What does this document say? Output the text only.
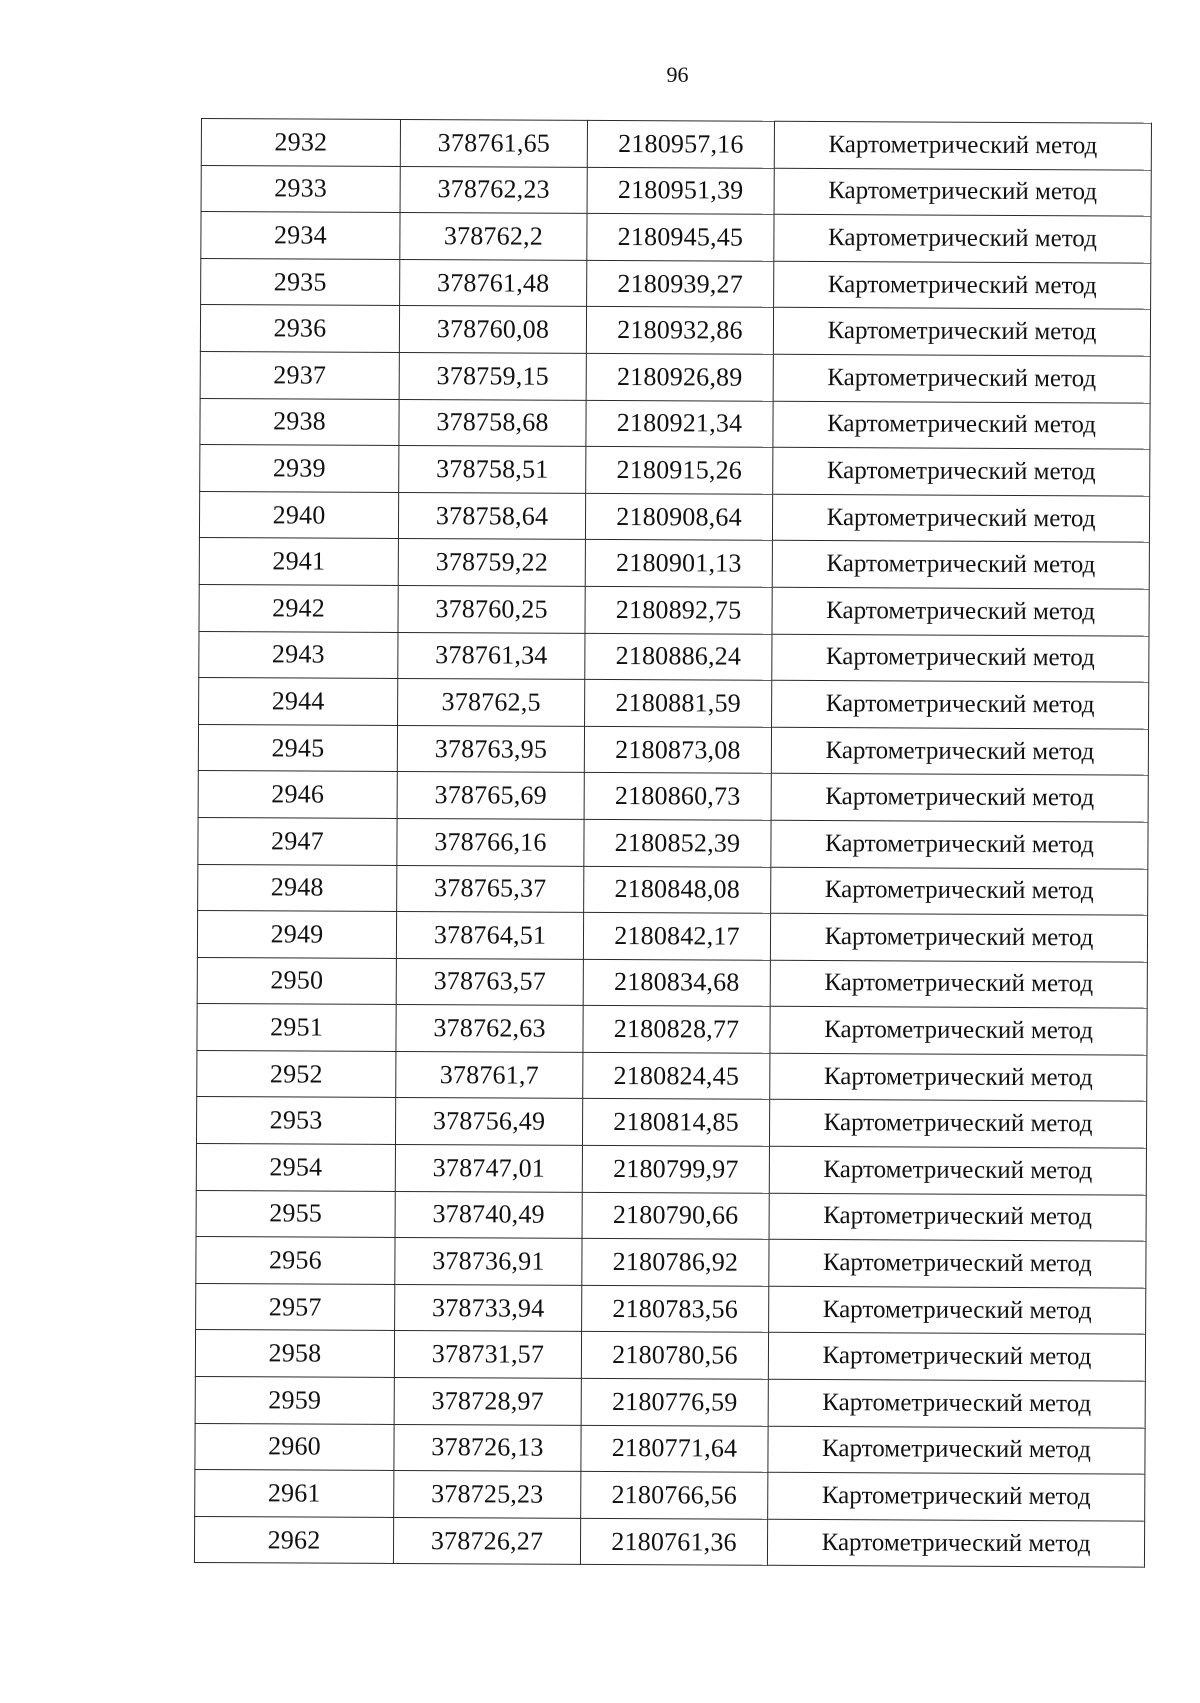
96
2932	378761,65	2180957,16	Картометрический метод
2933	378762,23	2180951,39	Картометрический метод
2934	378762,2	2180945,45	Картометрический метод
2935	378761,48	2180939,27	Картометрический метод
2936	378760,08	2180932,86	Картометрический метод
2937	378759,15	2180926,89	Картометрический метод
2938	378758,68	2180921,34	Картометрический метод
2939	378758,51	2180915,26	Картометрический метод
2940	378758,64	2180908,64	Картометрический метод
2941	378759,22	2180901,13	Картометрический метод
2942	378760,25	2180892,75	Картометрический метод
2943	378761,34	2180886,24	Картометрический метод
2944	378762,5	2180881,59	Картометрический метод
2945	378763,95	2180873,08	Картометрический метод
2946	378765,69	2180860,73	Картометрический метод
2947	378766,16	2180852,39	Картометрический метод
2948	378765,37	2180848,08	Картометрический метод
2949	378764,51	2180842,17	Картометрический метод
2950	378763,57	2180834,68	Картометрический метод
2951	378762,63	2180828,77	Картометрический метод
2952	378761,7	2180824,45	Картометрический метод
2953	378756,49	2180814,85	Картометрический метод
2954	378747,01	2180799,97	Картометрический метод
2955	378740,49	2180790,66	Картометрический метод
2956	378736,91	2180786,92	Картометрический метод
2957	378733,94	2180783,56	Картометрический метод
2958	378731,57	2180780,56	Картометрический метод
2959	378728,97	2180776,59	Картометрический метод
2960	378726,13	2180771,64	Картометрический метод
2961	378725,23	2180766,56	Картометрический метод
2962	378726,27	2180761,36	Картометрический метод
